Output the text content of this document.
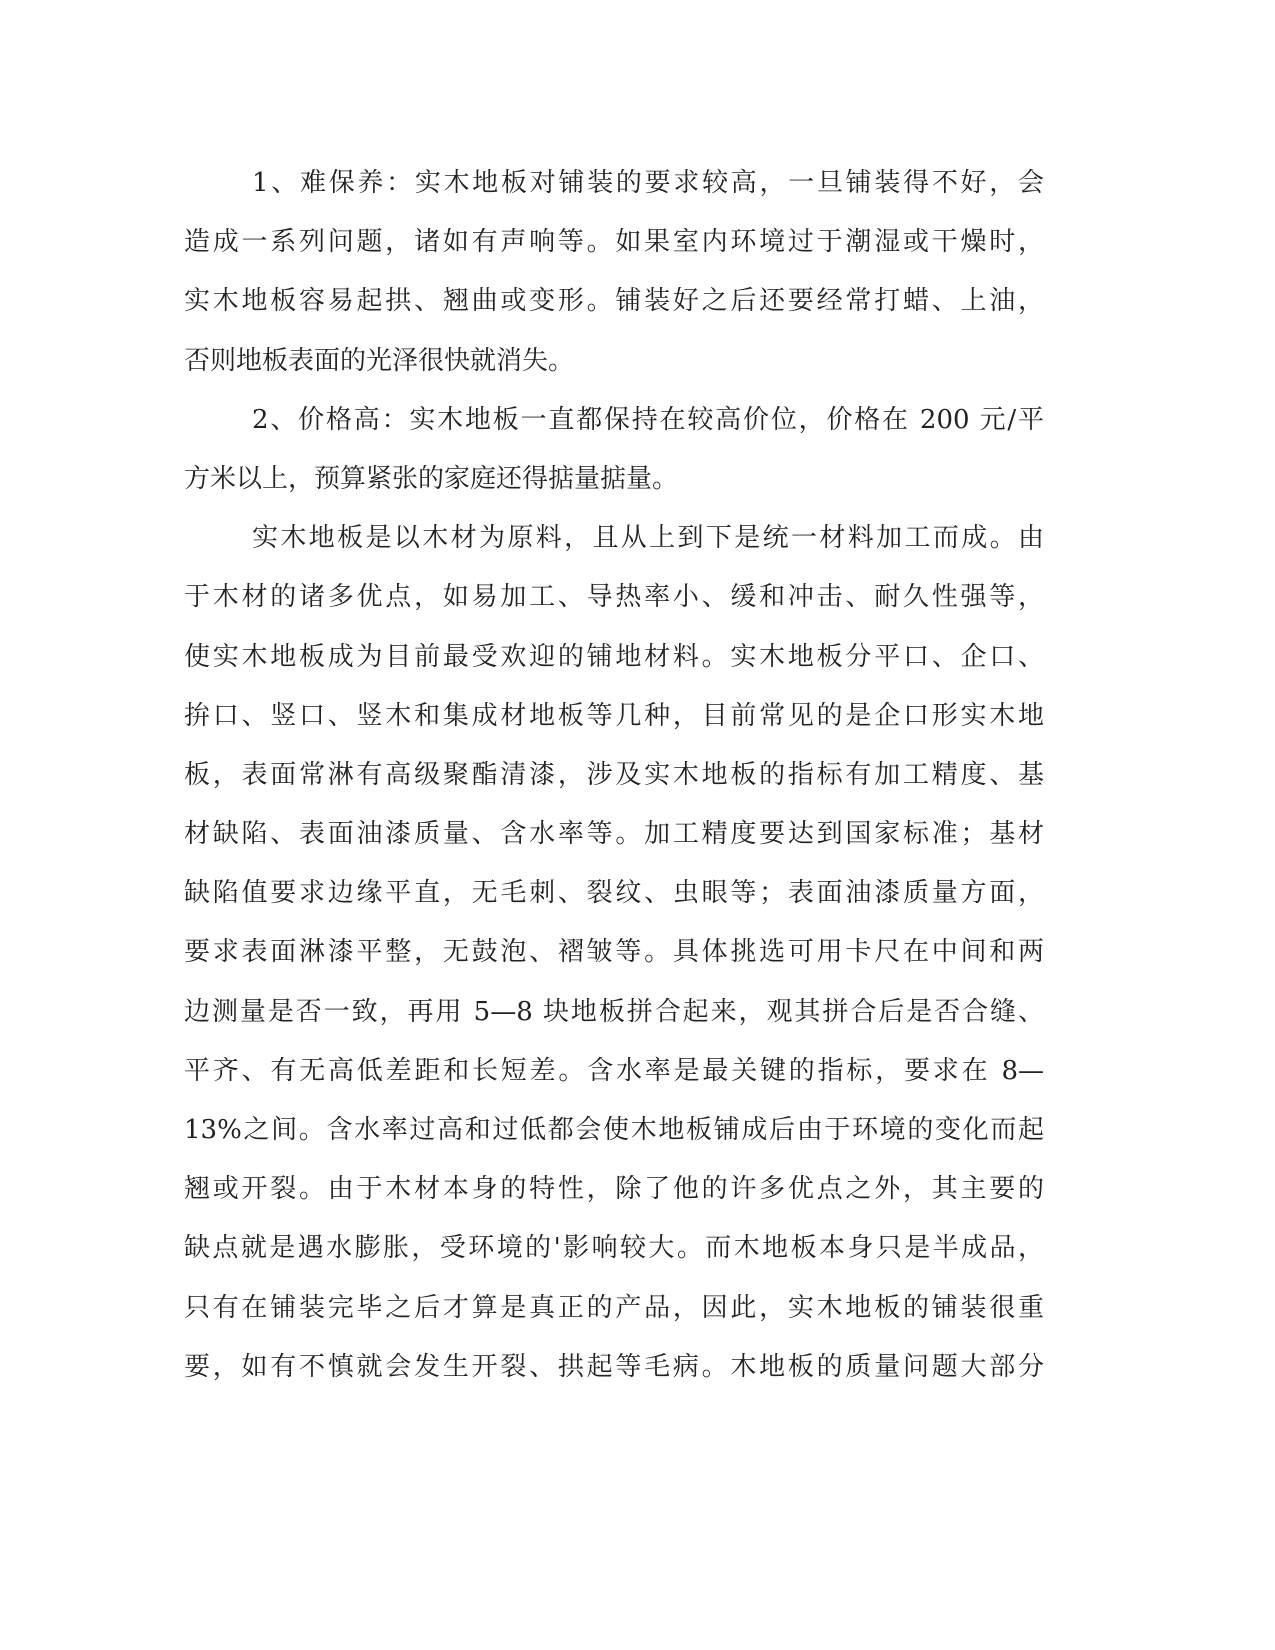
1、难保养：实木地板对铺装的要求较高，一旦铺装得不好，会
造成一系列问题，诸如有声响等。如果室内环境过于潮湿或干燥时，
实木地板容易起拱、翘曲或变形。铺装好之后还要经常打蜡、上油，
否则地板表面的光泽很快就消失。
2、价格高：实木地板一直都保持在较高价位，价格在 200 元/平
方米以上，预算紧张的家庭还得掂量掂量。
实木地板是以木材为原料，且从上到下是统一材料加工而成。由
于木材的诸多优点，如易加工、导热率小、缓和冲击、耐久性强等，
使实木地板成为目前最受欢迎的铺地材料。实木地板分平口、企口、
拚口、竖口、竖木和集成材地板等几种，目前常见的是企口形实木地
板，表面常淋有高级聚酯清漆，涉及实木地板的指标有加工精度、基
材缺陷、表面油漆质量、含水率等。加工精度要达到国家标准；基材
缺陷值要求边缘平直，无毛刺、裂纹、虫眼等；表面油漆质量方面，
要求表面淋漆平整，无鼓泡、褶皱等。具体挑选可用卡尺在中间和两
边测量是否一致，再用 5—8 块地板拼合起来，观其拼合后是否合缝、
平齐、有无高低差距和长短差。含水率是最关键的指标，要求在 8—
13%之间。含水率过高和过低都会使木地板铺成后由于环境的变化而起
翘或开裂。由于木材本身的特性，除了他的许多优点之外，其主要的
缺点就是遇水膨胀，受环境的'影响较大。而木地板本身只是半成品，
只有在铺装完毕之后才算是真正的产品，因此，实木地板的铺装很重
要，如有不慎就会发生开裂、拱起等毛病。木地板的质量问题大部分
